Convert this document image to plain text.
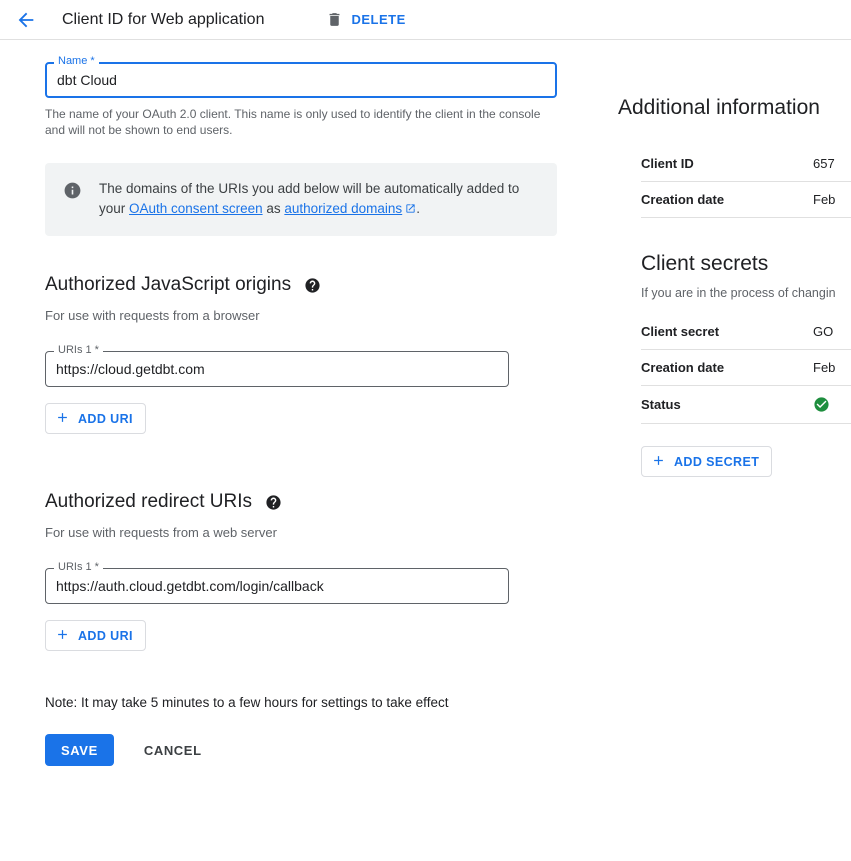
Client ID for Web application	DELETE
Name *
dbt Cloud
The name of your OAuth 2.0 client. This name is only used to identify the client in the console and will not be shown to end users.
The domains of the URIs you add below will be automatically added to your OAuth consent screen as authorized domains .
Authorized JavaScript origins
For use with requests from a browser
URIs 1 *
https://cloud.getdbt.com
ADD URI
Authorized redirect URIs
For use with requests from a web server
URIs 1 *
https://auth.cloud.getdbt.com/login/callback
ADD URI
Note: It may take 5 minutes to a few hours for settings to take effect
SAVE	CANCEL
Additional information
Client ID	657
Creation date	Feb
Client secrets
If you are in the process of changin
Client secret	GO
Creation date	Feb
Status	
ADD SECRET
